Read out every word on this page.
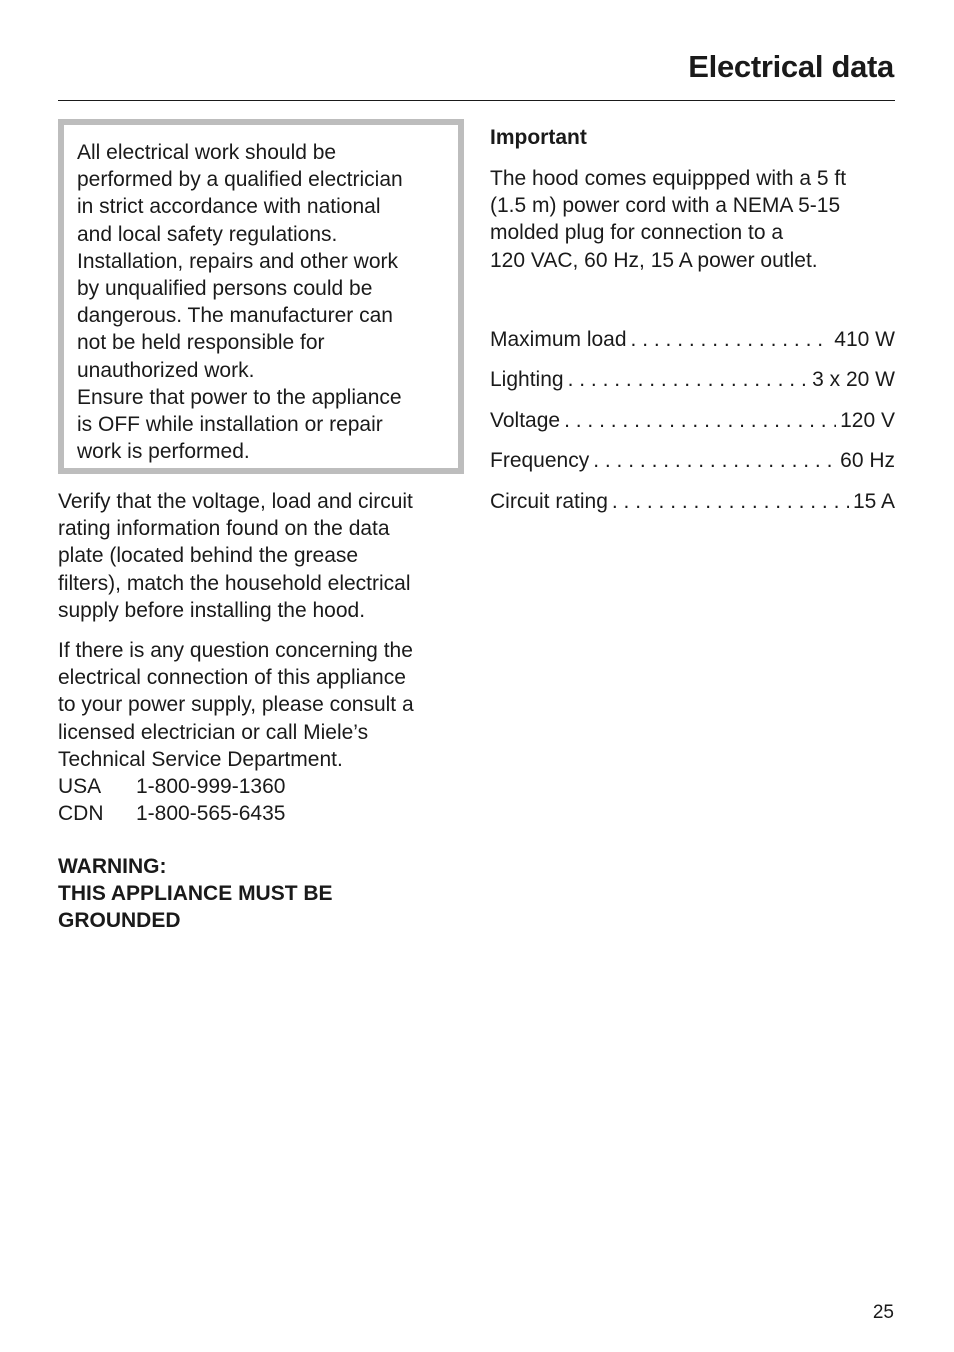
Electrical data

All electrical work should be
performed by a qualified electrician
in strict accordance with national
and local safety regulations.
Installation, repairs and other work
by unqualified persons could be
dangerous. The manufacturer can
not be held responsible for
unauthorized work.
Ensure that power to the appliance
is OFF while installation or repair
work is performed.

Verify that the voltage, load and circuit
rating information found on the data
plate (located behind the grease
filters), match the household electrical
supply before installing the hood.

If there is any question concerning the
electrical connection of this appliance
to your power supply, please consult a
licensed electrician or call Miele’s
Technical Service Department.
USA	1-800-999-1360
CDN	1-800-565-6435

WARNING:
THIS APPLIANCE MUST BE
GROUNDED

Important

The hood comes equippped with a 5 ft
(1.5 m) power cord with a NEMA 5-15
molded plug for connection to a
120 VAC, 60 Hz, 15 A power outlet.

Maximum load . . .	410 W
Lighting . . .	3 x 20 W
Voltage . . .	120 V
Frequency . . .	60 Hz
Circuit rating . . .	15 A

25
